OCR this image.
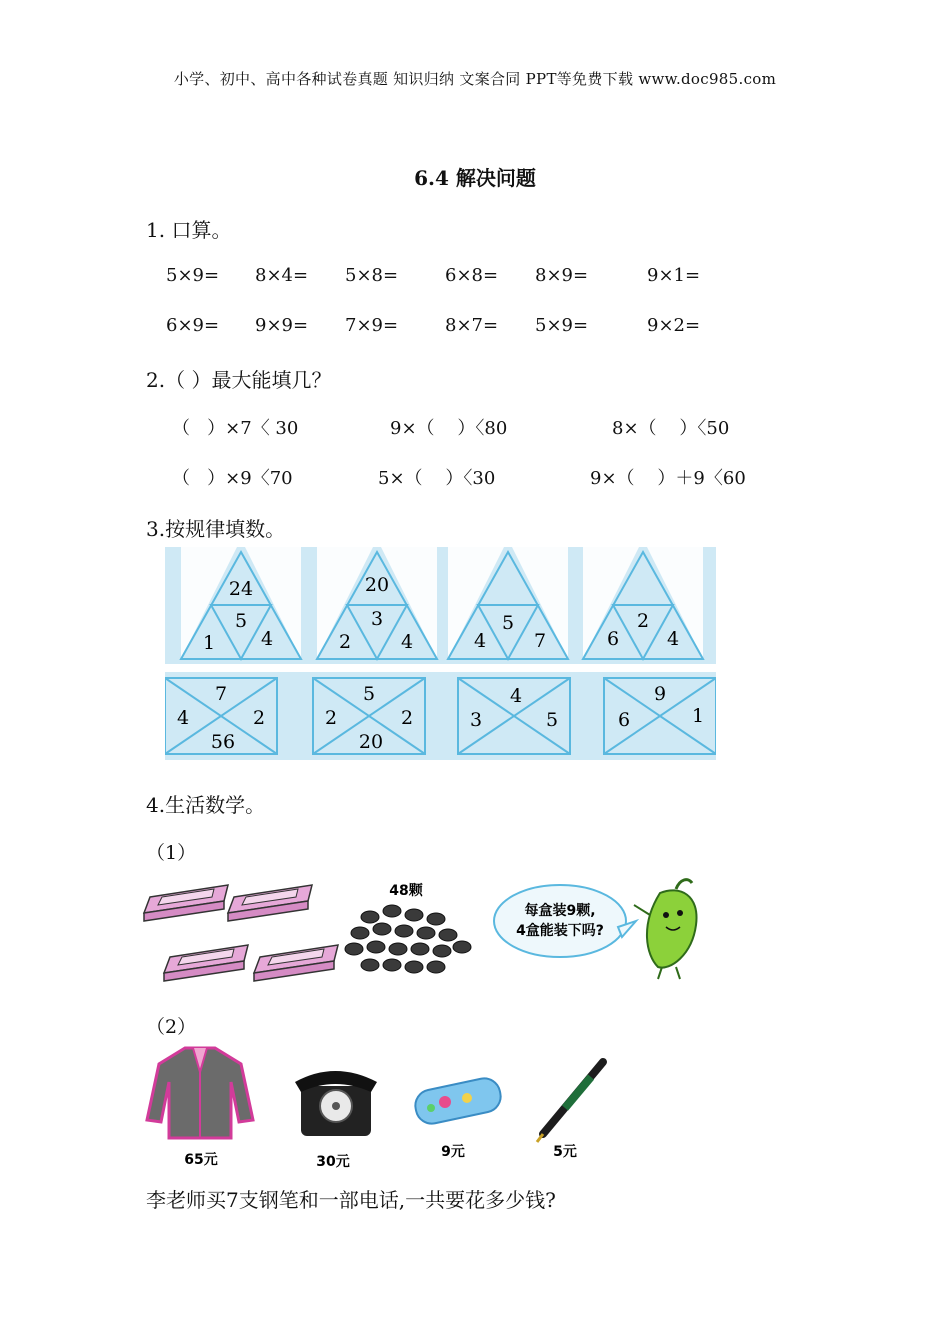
小学、初中、高中各种试卷真题 知识归纳 文案合同 PPT等免费下载 www.doc985.com
6.4 解决问题
1. 口算。
5×9= 8×4= 5×8=	6×8= 8×9=	9×1=
6×9= 9×9= 7×9=	8×7= 5×9=	9×2=
2.（ ）最大能填几？
（   ）×7〈 30	9×（    ）〈80	8×（    ）〈50
（   ）×9〈70	5×（    ）〈30	9×（    ）＋9〈60
3.按规律填数。
24
5
1 4
20
3
2	4
5
4	7
2
6	4
7
4	2
56
5
2	2
20
4
3	5
9
6	1
4.生活数学。
（1）
48颗
每盒装9颗,
4盒能装下吗?
（2）
65元	30元
9元	5元
李老师买7支钢笔和一部电话,一共要花多少钱?
